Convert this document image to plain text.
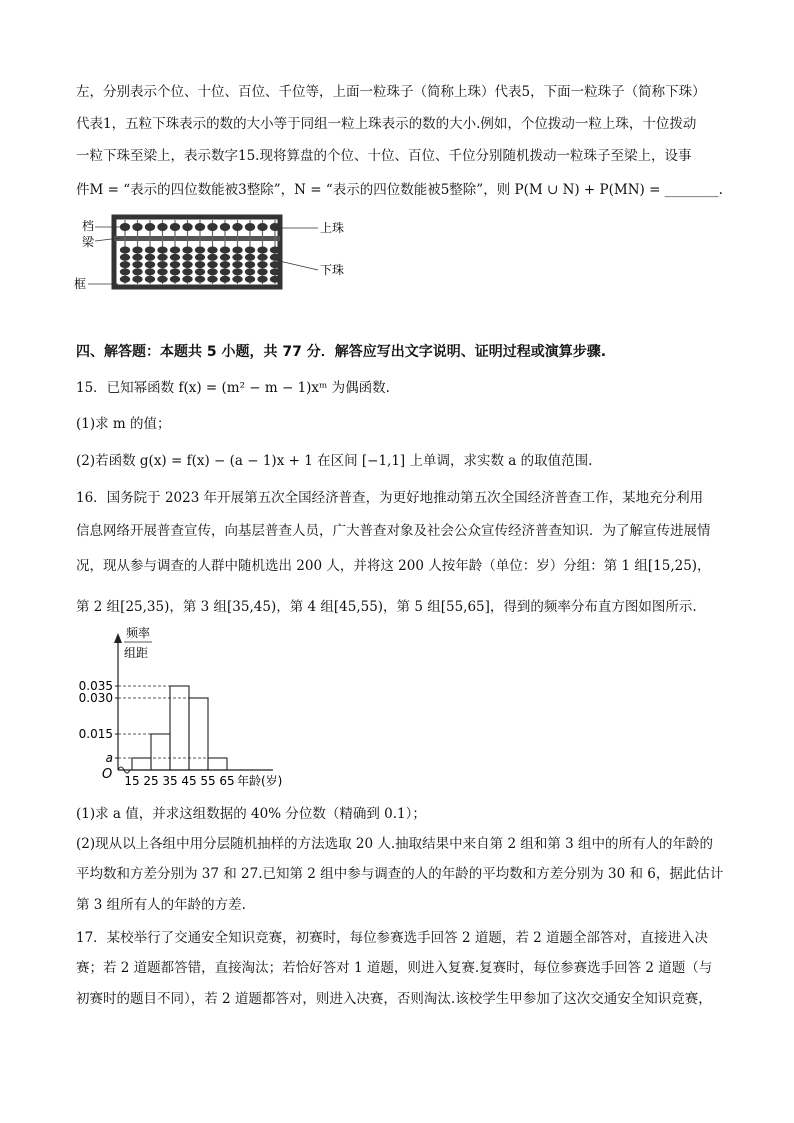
左，分别表示个位、十位、百位、千位等，上面一粒珠子（简称上珠）代表5，下面一粒珠子（简称下珠）
代表1，五粒下珠表示的数的大小等于同组一粒上珠表示的数的大小.例如，个位拨动一粒上珠，十位拨动
一粒下珠至梁上，表示数字15.现将算盘的个位、十位、百位、千位分别随机拨动一粒珠子至梁上，设事
件M = “表示的四位数能被3整除”，N = “表示的四位数能被5整除”，则 P(M ∪ N) + P(MN) = ________.
档
梁
框
上珠
下珠
四、解答题：本题共 5 小题，共 77 分．解答应写出文字说明、证明过程或演算步骤.
15．已知幂函数 f(x) = (m² − m − 1)xᵐ 为偶函数.
(1)求 m 的值；
(2)若函数 g(x) = f(x) − (a − 1)x + 1 在区间 [−1,1] 上单调，求实数 a 的取值范围.
16．国务院于 2023 年开展第五次全国经济普查，为更好地推动第五次全国经济普查工作，某地充分利用
信息网络开展普查宣传，向基层普查人员，广大普查对象及社会公众宣传经济普查知识．为了解宣传进展情
况，现从参与调查的人群中随机选出 200 人，并将这 200 人按年龄（单位：岁）分组：第 1 组[15,25)，
第 2 组[25,35)，第 3 组[35,45)，第 4 组[45,55)，第 5 组[55,65]，得到的频率分布直方图如图所示.
a
0.015
0.030
0.035
15 25 35 45 55 65 年龄(岁)
频率
组距
O
(1)求 a 值，并求这组数据的 40% 分位数（精确到 0.1）；
(2)现从以上各组中用分层随机抽样的方法选取 20 人.抽取结果中来自第 2 组和第 3 组中的所有人的年龄的
平均数和方差分别为 37 和 27.已知第 2 组中参与调查的人的年龄的平均数和方差分别为 30 和 6，据此估计
第 3 组所有人的年龄的方差.
17．某校举行了交通安全知识竞赛，初赛时，每位参赛选手回答 2 道题，若 2 道题全部答对，直接进入决
赛；若 2 道题都答错，直接淘汰；若恰好答对 1 道题，则进入复赛.复赛时，每位参赛选手回答 2 道题（与
初赛时的题目不同），若 2 道题都答对，则进入决赛，否则淘汰.该校学生甲参加了这次交通安全知识竞赛，
